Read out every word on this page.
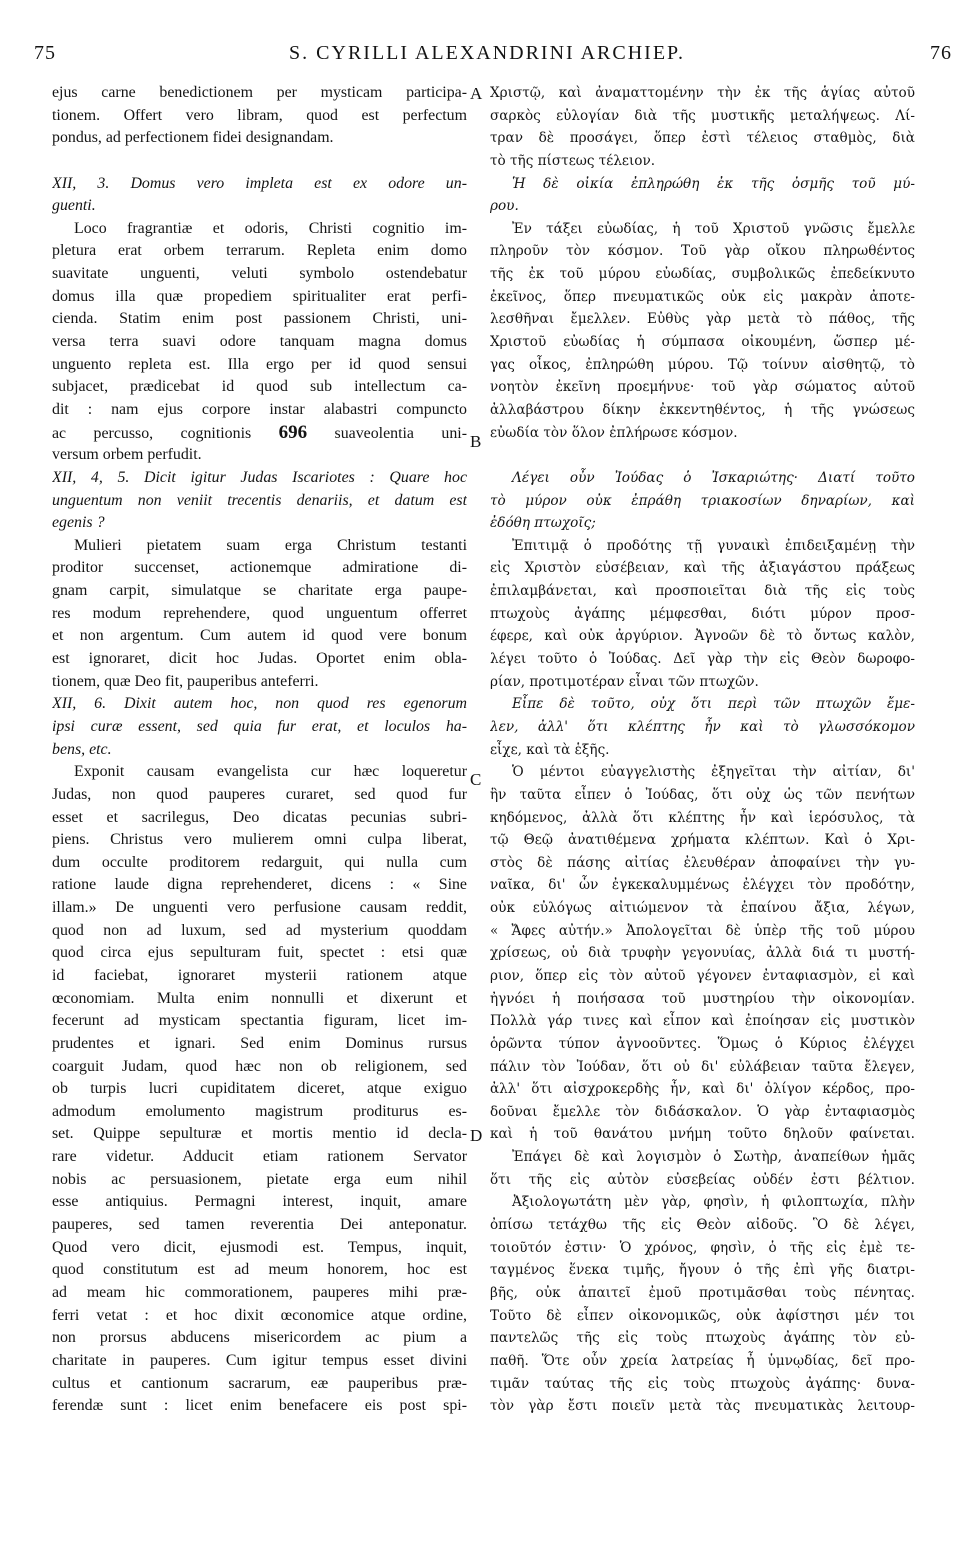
75	S. CYRILLI ALEXANDRINI ARCHIEP.	76
A
B
C
D
ejus carne benedictionem per mysticam participa-
tionem. Offert vero libram, quod est perfectum
pondus, ad perfectionem fidei designandam.
XII, 3. Domus vero impleta est ex odore un-
guenti.
Loco fragrantiæ et odoris, Christi cognitio im-
pletura erat orbem terrarum. Repleta enim domo
suavitate unguenti, veluti symbolo ostendebatur
domus illa quæ propediem spiritualiter erat perfi-
cienda. Statim enim post passionem Christi, uni-
versa terra suavi odore tanquam magna domus
unguento repleta est. Illa ergo per id quod sensui
subjacet, prædicebat id quod sub intellectum ca-
dit : nam ejus corpore instar alabastri compuncto
ac percusso, cognitionis 696 suaveolentia uni-
versum orbem perfudit.
XII, 4, 5. Dicit igitur Judas Iscariotes : Quare hoc
unguentum non veniit trecentis denariis, et datum est
egenis ?
Mulieri pietatem suam erga Christum testanti
proditor succenset, actionemque admiratione di-
gnam carpit, simulatque se charitate erga paupe-
res modum reprehendere, quod unguentum offerret
et non argentum. Cum autem id quod vere bonum
est ignoraret, dicit hoc Judas. Oportet enim obla-
tionem, quæ Deo fit, pauperibus anteferri.
XII, 6. Dixit autem hoc, non quod res egenorum
ipsi curæ essent, sed quia fur erat, et loculos ha-
bens, etc.
Exponit causam evangelista cur hæc loqueretur
Judas, non quod pauperes curaret, sed quod fur
esset et sacrilegus, Deo dicatas pecunias subri-
piens. Christus vero mulierem omni culpa liberat,
dum occulte proditorem redarguit, qui nulla cum
ratione laude digna reprehenderet, dicens : « Sine
illam.» De unguenti vero perfusione causam reddit,
quod non ad luxum, sed ad mysterium quoddam
quod circa ejus sepulturam fuit, spectet : etsi quæ
id faciebat, ignoraret mysterii rationem atque
œconomiam. Multa enim nonnulli et dixerunt et
fecerunt ad mysticam spectantia figuram, licet im-
prudentes et ignari. Sed enim Dominus rursus
coarguit Judam, quod hæc non ob religionem, sed
ob turpis lucri cupiditatem diceret, atque exiguo
admodum emolumento magistrum proditurus es-
set. Quippe sepulturæ et mortis mentio id decla-
rare videtur. Adducit etiam rationem Servator
nobis ac persuasionem, pietate erga eum nihil
esse antiquius. Permagni interest, inquit, amare
pauperes, sed tamen reverentia Dei anteponatur.
Quod vero dicit, ejusmodi est. Tempus, inquit,
quod constitutum est ad meum honorem, hoc est
ad meam hic commorationem, pauperes mihi præ-
ferri vetat : et hoc dixit œconomice atque ordine,
non prorsus abducens misericordem ac pium a
charitate in pauperes. Cum igitur tempus esset divini
cultus et cantionum sacrarum, eæ pauperibus præ-
ferendæ sunt : licet enim benefacere eis post spi-
Χριστῷ, καὶ ἀναματτομένην τὴν ἐκ τῆς ἁγίας αὐτοῦ
σαρκὸς εὐλογίαν διὰ τῆς μυστικῆς μεταλήψεως. Λί-
τραν δὲ προσάγει, ὅπερ ἐστὶ τέλειος σταθμὸς, διὰ
τὸ τῆς πίστεως τέλειον.
Ἡ δὲ οἰκία ἐπληρώθη ἐκ τῆς ὀσμῆς τοῦ μύ-
ρου.
Ἐν τάξει εὐωδίας, ἡ τοῦ Χριστοῦ γνῶσις ἔμελλε
πληροῦν τὸν κόσμον. Τοῦ γὰρ οἴκου πληρωθέντος
τῆς ἐκ τοῦ μύρου εὐωδίας, συμβολικῶς ἐπεδείκνυτο
ἐκεῖνος, ὅπερ πνευματικῶς οὐκ εἰς μακρὰν ἀποτε-
λεσθῆναι ἔμελλεν. Εὐθὺς γὰρ μετὰ τὸ πάθος, τῆς
Χριστοῦ εὐωδίας ἡ σύμπασα οἰκουμένη, ὥσπερ μέ-
γας οἶκος, ἐπληρώθη μύρου. Τῷ τοίνυν αἰσθητῷ, τὸ
νοητὸν ἐκεῖνη προεμήνυε· τοῦ γὰρ σώματος αὐτοῦ
ἀλλαβάστρου δίκην ἐκκεντηθέντος, ἡ τῆς γνώσεως
εὐωδία τὸν ὅλον ἐπλήρωσε κόσμον.
Λέγει οὖν Ἰούδας ὁ Ἰσκαριώτης· Διατί τοῦτο
τὸ μύρον οὐκ ἐπράθη τριακοσίων δηναρίων, καὶ
ἐδόθη πτωχοῖς;
Ἐπιτιμᾷ ὁ προδότης τῇ γυναικὶ ἐπιδειξαμένῃ τὴν
εἰς Χριστὸν εὐσέβειαν, καὶ τῆς ἀξιαγάστου πράξεως
ἐπιλαμβάνεται, καὶ προσποιεῖται διὰ τῆς εἰς τοὺς
πτωχοὺς ἀγάπης μέμφεσθαι, διότι μύρον προσ-
έφερε, καὶ οὐκ ἀργύριον. Ἀγνοῶν δὲ τὸ ὄντως καλὸν,
λέγει τοῦτο ὁ Ἰούδας. Δεῖ γὰρ τὴν εἰς Θεὸν δωροφο-
ρίαν, προτιμοτέραν εἶναι τῶν πτωχῶν.
Εἶπε δὲ τοῦτο, οὐχ ὅτι περὶ τῶν πτωχῶν ἔμε-
λεν, ἀλλ' ὅτι κλέπτης ἦν καὶ τὸ γλωσσόκομον
εἶχε, καὶ τὰ ἑξῆς.
Ὁ μέντοι εὐαγγελιστὴς ἐξηγεῖται τὴν αἰτίαν, δι'
ἣν ταῦτα εἶπεν ὁ Ἰούδας, ὅτι οὐχ ὡς τῶν πενήτων
κηδόμενος, ἀλλὰ ὅτι κλέπτης ἦν καὶ ἱερόσυλος, τὰ
τῷ Θεῷ ἀνατιθέμενα χρήματα κλέπτων. Καὶ ὁ Χρι-
στὸς δὲ πάσης αἰτίας ἐλευθέραν ἀποφαίνει τὴν γυ-
ναῖκα, δι' ὧν ἐγκεκαλυμμένως ἐλέγχει τὸν προδότην,
οὐκ εὐλόγως αἰτιώμενον τὰ ἐπαίνου ἄξια, λέγων,
« Ἄφες αὐτήν.» Ἀπολογεῖται δὲ ὑπὲρ τῆς τοῦ μύρου
χρίσεως, οὐ διὰ τρυφὴν γεγονυίας, ἀλλὰ διά τι μυστή-
ριον, ὅπερ εἰς τὸν αὐτοῦ γέγονεν ἐνταφιασμὸν, εἰ καὶ
ἠγνόει ἡ ποιήσασα τοῦ μυστηρίου τὴν οἰκονομίαν.
Πολλὰ γάρ τινες καὶ εἶπον καὶ ἐποίησαν εἰς μυστικὸν
ὁρῶντα τύπον ἀγνοοῦντες. Ὅμως ὁ Κύριος ἐλέγχει
πάλιν τὸν Ἰούδαν, ὅτι οὐ δι' εὐλάβειαν ταῦτα ἔλεγεν,
ἀλλ' ὅτι αἰσχροκερδὴς ἦν, καὶ δι' ὀλίγον κέρδος, προ-
δοῦναι ἔμελλε τὸν διδάσκαλον. Ὁ γὰρ ἐνταφιασμὸς
καὶ ἡ τοῦ θανάτου μνήμη τοῦτο δηλοῦν φαίνεται.
Ἐπάγει δὲ καὶ λογισμὸν ὁ Σωτὴρ, ἀναπείθων ἡμᾶς
ὅτι τῆς εἰς αὐτὸν εὐσεβείας οὐδέν ἐστι βέλτιον.
Ἀξιολογωτάτη μὲν γὰρ, φησὶν, ἡ φιλοπτωχία, πλὴν
ὀπίσω τετάχθω τῆς εἰς Θεὸν αἰδοῦς. Ὃ δὲ λέγει,
τοιοῦτόν ἐστιν· Ὁ χρόνος, φησὶν, ὁ τῆς εἰς ἐμὲ τε-
ταγμένος ἕνεκα τιμῆς, ἤγουν ὁ τῆς ἐπὶ γῆς διατρι-
βῆς, οὐκ ἀπαιτεῖ ἐμοῦ προτιμᾶσθαι τοὺς πένητας.
Τοῦτο δὲ εἶπεν οἰκονομικῶς, οὐκ ἀφίστησι μέν τοι
παντελῶς τῆς εἰς τοὺς πτωχοὺς ἀγάπης τὸν εὐ-
παθῆ. Ὅτε οὖν χρεία λατρείας ἦ ὑμνῳδίας, δεῖ προ-
τιμᾶν ταύτας τῆς εἰς τοὺς πτωχοὺς ἀγάπης· δυνα-
τὸν γὰρ ἔστι ποιεῖν μετὰ τὰς πνευματικὰς λειτουρ-
